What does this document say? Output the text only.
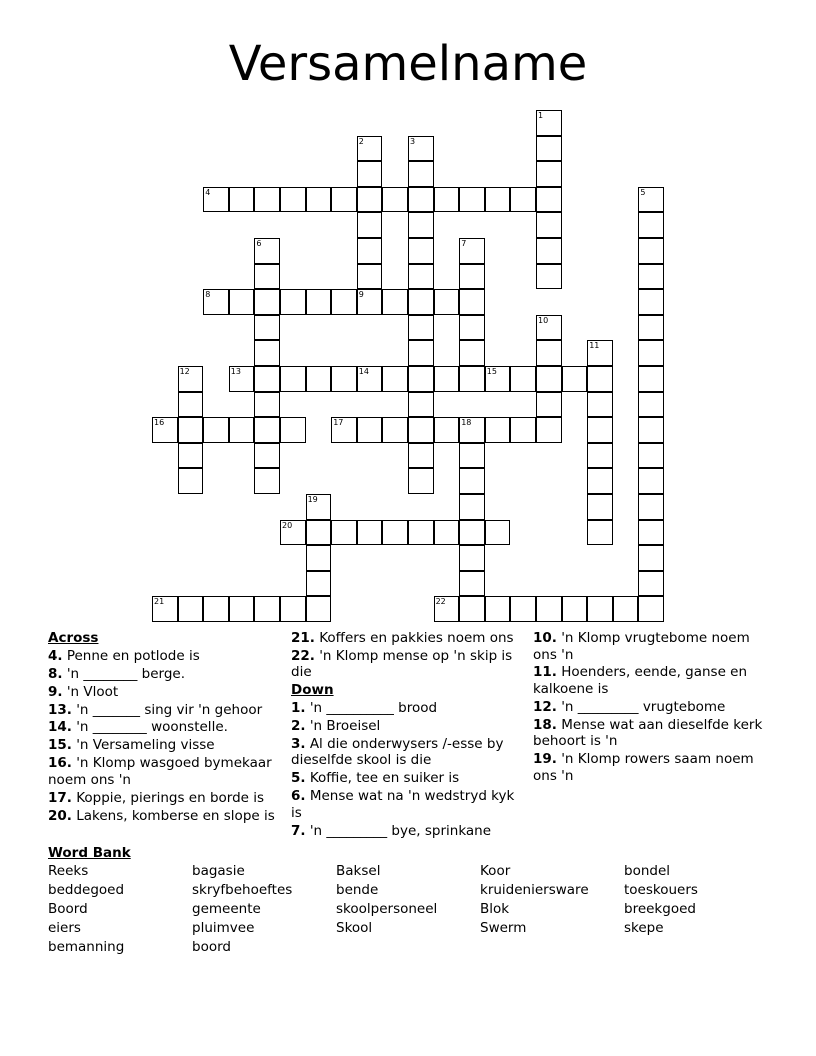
Versamelname
1
2	3
4	5
6	7
8	9
10
11
12	13	14	15
16	17	18
19
20
21	22
Across
4. Penne en potlode is
8. 'n ________ berge.
9. 'n Vloot
13. 'n _______ sing vir 'n gehoor
14. 'n ________ woonstelle.
15. 'n Versameling visse
16. 'n Klomp wasgoed bymekaar noem ons 'n
17. Koppie, pierings en borde is
20. Lakens, komberse en slope is
21. Koffers en pakkies noem ons
22. 'n Klomp mense op 'n skip is die
Down
1. 'n __________ brood
2. 'n Broeisel
3. Al die onderwysers /-esse by dieselfde skool is die
5. Koffie, tee en suiker is
6. Mense wat na 'n wedstryd kyk is
7. 'n _________ bye, sprinkane
10. 'n Klomp vrugtebome noem ons 'n
11. Hoenders, eende, ganse en kalkoene is
12. 'n _________ vrugtebome
18. Mense wat aan dieselfde kerk behoort is 'n
19. 'n Klomp rowers saam noem ons 'n
Word Bank
Reeks
beddegoed
Boord
eiers
bemanning
bagasie
skryfbehoeftes
gemeente
pluimvee
boord
Baksel
bende
skoolpersoneel
Skool
Koor
kruideniersware
Blok
Swerm
bondel
toeskouers
breekgoed
skepe
